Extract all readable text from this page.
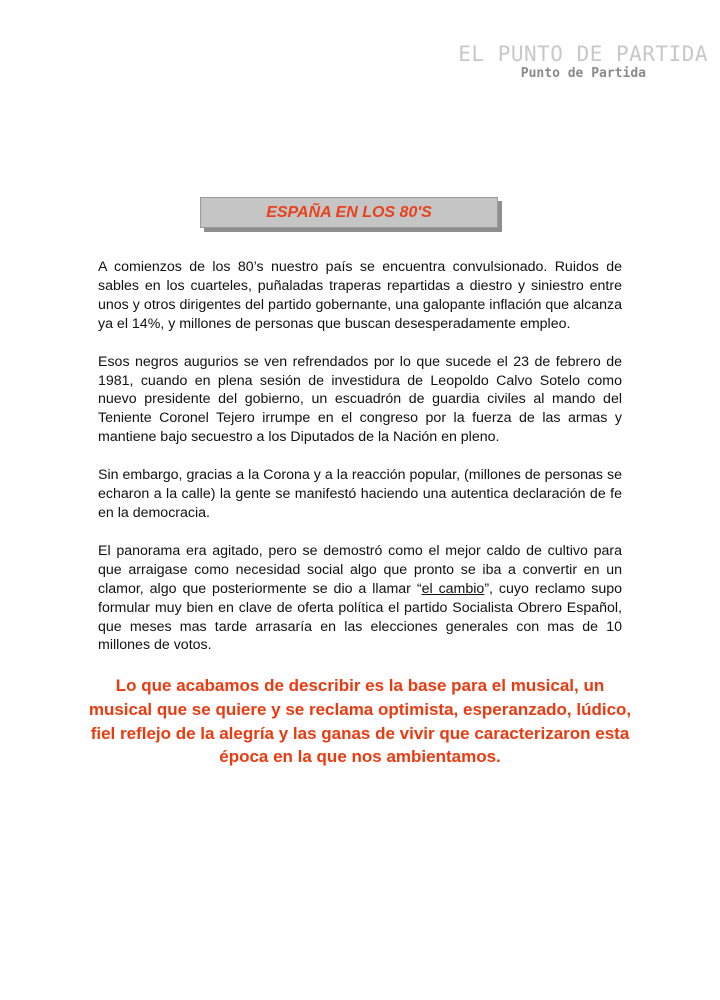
EL PUNTO DE PARTIDA
Punto de Partida
ESPAÑA EN LOS 80'S

A comienzos de los 80’s nuestro país se encuentra convulsionado. Ruidos de sables en los cuarteles, puñaladas traperas repartidas a diestro y siniestro entre unos y otros dirigentes del partido gobernante, una galopante inflación que alcanza ya el 14%, y millones de personas que buscan desesperadamente empleo.

Esos negros augurios se ven refrendados por lo que sucede el 23 de febrero de 1981, cuando en plena sesión de investidura de Leopoldo Calvo Sotelo como nuevo presidente del gobierno, un escuadrón de guardia civiles al mando del Teniente Coronel Tejero irrumpe en el congreso por la fuerza de las armas y mantiene bajo secuestro a los Diputados de la Nación en pleno.

Sin embargo, gracias a la Corona y a la reacción popular, (millones de personas se echaron a la calle) la gente se manifestó haciendo una autentica declaración de fe en la democracia.

El panorama era agitado, pero se demostró como el mejor caldo de cultivo para que arraigase como necesidad social algo que pronto se iba a convertir en un clamor, algo que posteriormente se dio a llamar “el cambio”, cuyo reclamo supo formular muy bien en clave de oferta política el partido Socialista Obrero Español, que meses mas tarde arrasaría en las elecciones generales con mas de 10 millones de votos.

Lo que acabamos de describir es la base para el musical, un musical que se quiere y se reclama optimista, esperanzado, lúdico, fiel reflejo de la alegría y las ganas de vivir que caracterizaron esta época en la que nos ambientamos.
